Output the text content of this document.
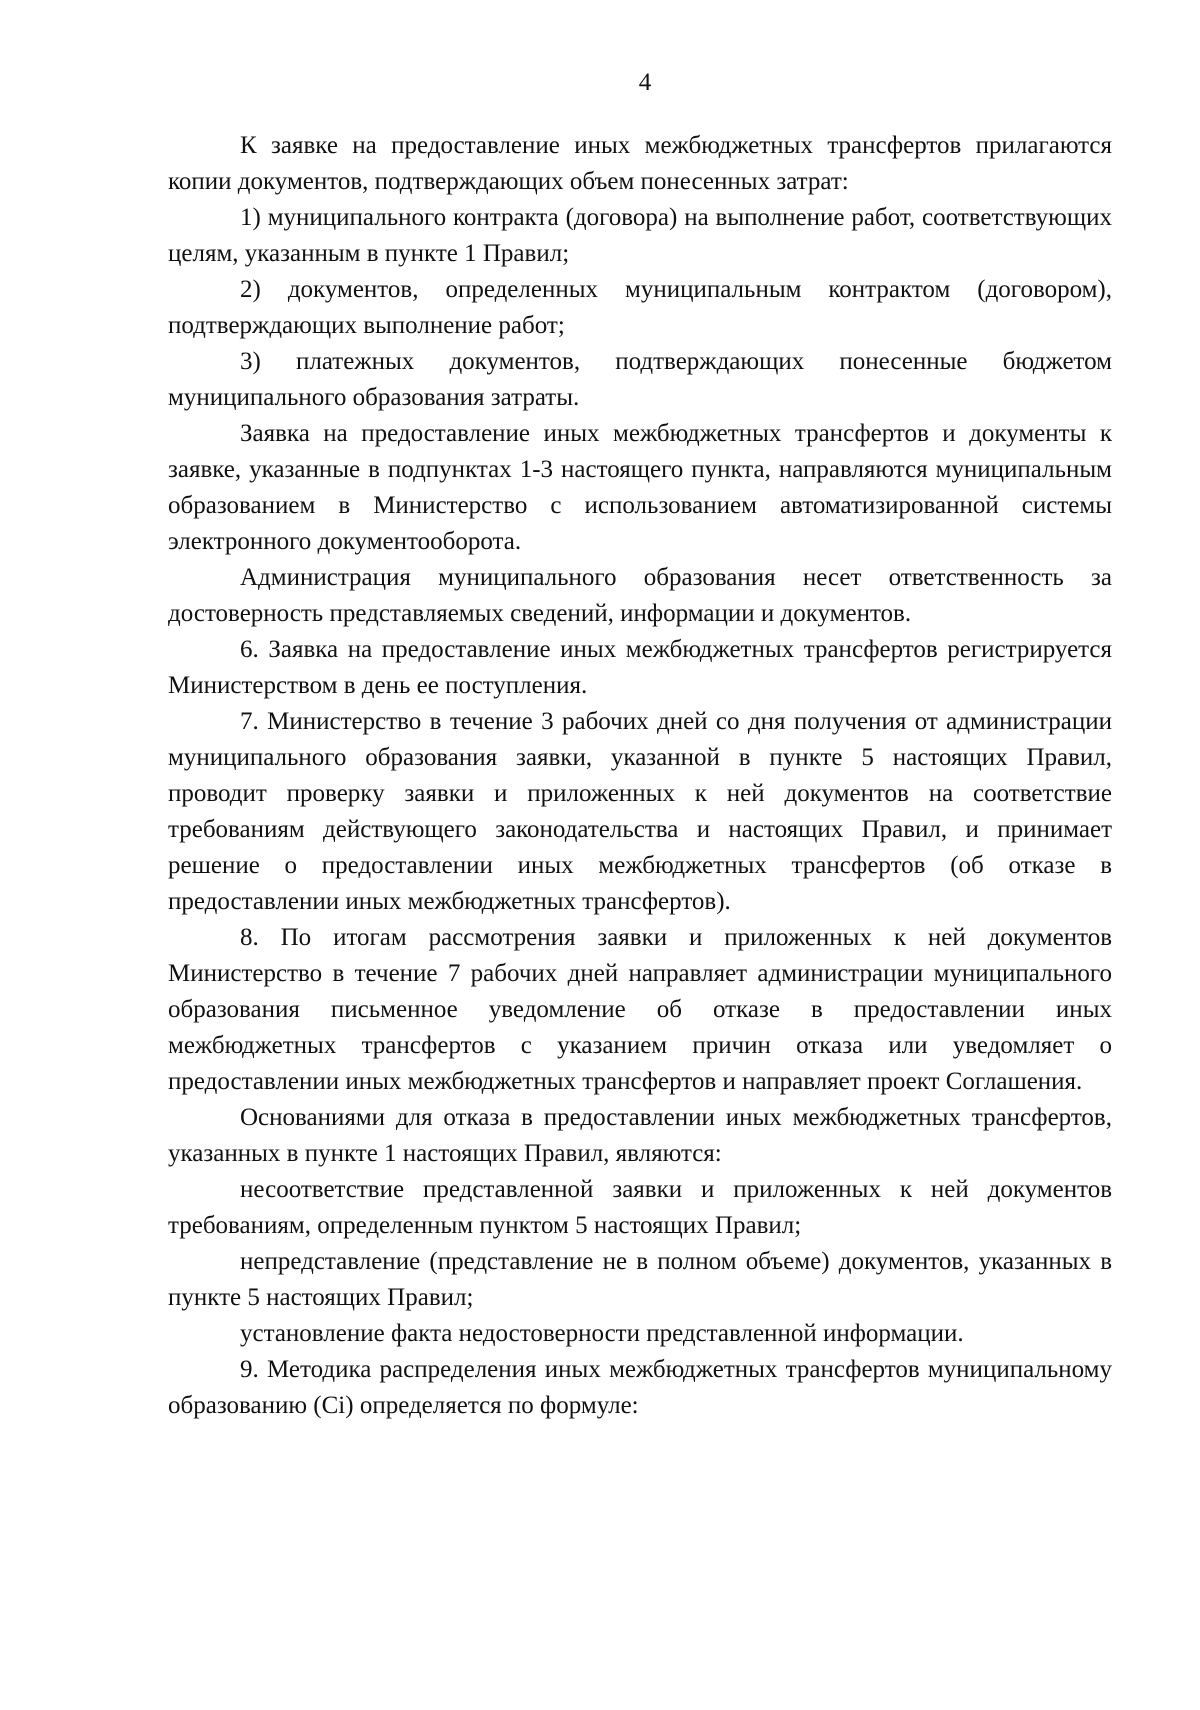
4

К заявке на предоставление иных межбюджетных трансфертов прилагаются копии документов, подтверждающих объем понесенных затрат:

1) муниципального контракта (договора) на выполнение работ, соответствующих целям, указанным в пункте 1 Правил;

2) документов, определенных муниципальным контрактом (договором), подтверждающих выполнение работ;

3) платежных документов, подтверждающих понесенные бюджетом муниципального образования затраты.

Заявка на предоставление иных межбюджетных трансфертов и документы к заявке, указанные в подпунктах 1-3 настоящего пункта, направляются муниципальным образованием в Министерство с использованием автоматизированной системы электронного документооборота.

Администрация муниципального образования несет ответственность за достоверность представляемых сведений, информации и документов.

6. Заявка на предоставление иных межбюджетных трансфертов регистрируется Министерством в день ее поступления.

7. Министерство в течение 3 рабочих дней со дня получения от администрации муниципального образования заявки, указанной в пункте 5 настоящих Правил, проводит проверку заявки и приложенных к ней документов на соответствие требованиям действующего законодательства и настоящих Правил, и принимает решение о предоставлении иных межбюджетных трансфертов (об отказе в предоставлении иных межбюджетных трансфертов).

8. По итогам рассмотрения заявки и приложенных к ней документов Министерство в течение 7 рабочих дней направляет администрации муниципального образования письменное уведомление об отказе в предоставлении иных межбюджетных трансфертов с указанием причин отказа или уведомляет о предоставлении иных межбюджетных трансфертов и направляет проект Соглашения.

Основаниями для отказа в предоставлении иных межбюджетных трансфертов, указанных в пункте 1 настоящих Правил, являются:

несоответствие представленной заявки и приложенных к ней документов требованиям, определенным пунктом 5 настоящих Правил;

непредставление (представление не в полном объеме) документов, указанных в пункте 5 настоящих Правил;

установление факта недостоверности представленной информации.

9. Методика распределения иных межбюджетных трансфертов муниципальному образованию (Ci) определяется по формуле:
